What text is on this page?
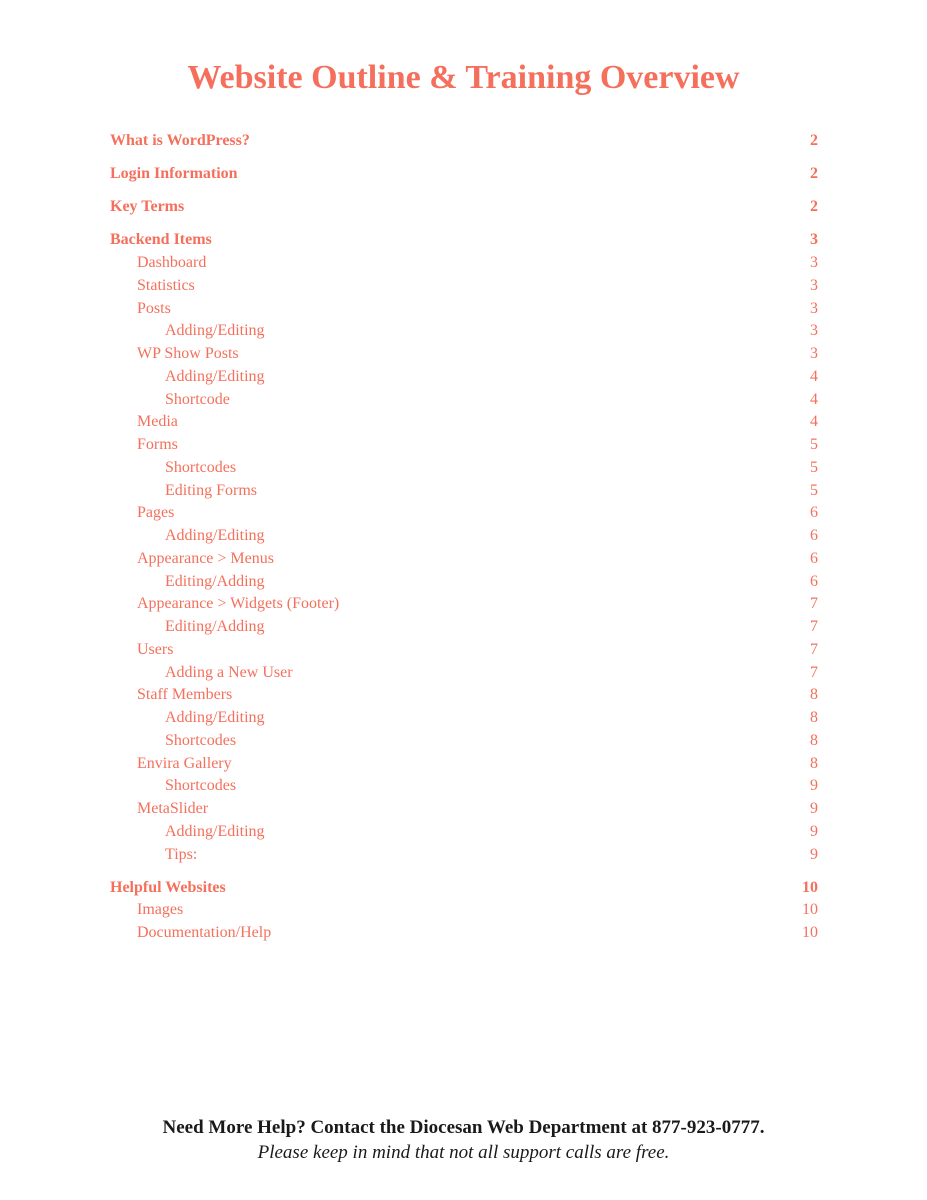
Website Outline & Training Overview
What is WordPress?	2
Login Information	2
Key Terms	2
Backend Items	3
Dashboard	3
Statistics	3
Posts	3
Adding/Editing	3
WP Show Posts	3
Adding/Editing	4
Shortcode	4
Media	4
Forms	5
Shortcodes	5
Editing Forms	5
Pages	6
Adding/Editing	6
Appearance > Menus	6
Editing/Adding	6
Appearance > Widgets (Footer)	7
Editing/Adding	7
Users	7
Adding a New User	7
Staff Members	8
Adding/Editing	8
Shortcodes	8
Envira Gallery	8
Shortcodes	9
MetaSlider	9
Adding/Editing	9
Tips:	9
Helpful Websites	10
Images	10
Documentation/Help	10
Need More Help? Contact the Diocesan Web Department at 877-923-0777.
Please keep in mind that not all support calls are free.
